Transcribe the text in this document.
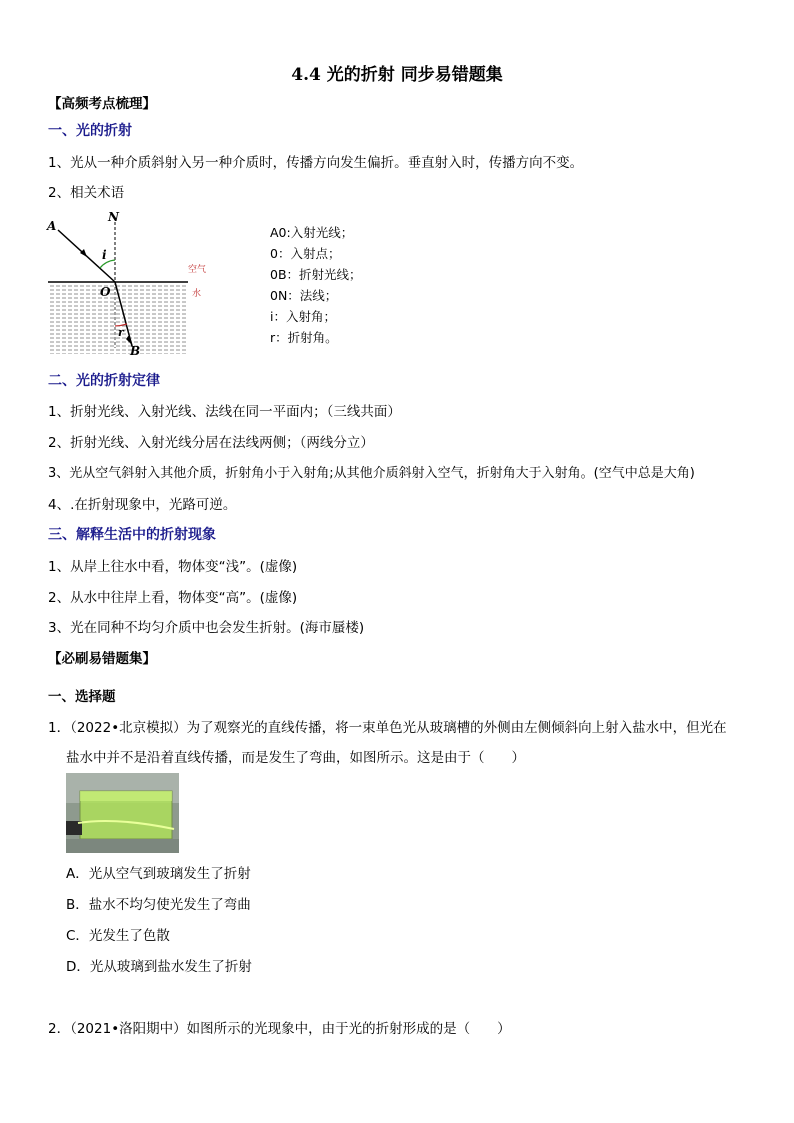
4.4 光的折射 同步易错题集
【高频考点梳理】
一、光的折射
1、光从一种介质斜射入另一种介质时，传播方向发生偏折。垂直射入时，传播方向不变。
2、相关术语
A
N
i
O
r
B
空气
水
A0:入射光线；
0：入射点；
0B：折射光线；
0N：法线；
i：入射角；
r：折射角。
二、光的折射定律
1、折射光线、入射光线、法线在同一平面内；（三线共面）
2、折射光线、入射光线分居在法线两侧；（两线分立）
3、光从空气斜射入其他介质，折射角小于入射角;从其他介质斜射入空气，折射角大于入射角。(空气中总是大角)
4、.在折射现象中，光路可逆。
三、解释生活中的折射现象
1、从岸上往水中看，物体变“浅”。(虚像)
2、从水中往岸上看，物体变“高”。(虚像)
3、光在同种不均匀介质中也会发生折射。(海市蜃楼)
【必刷易错题集】
一、选择题
1．（2022•北京模拟）为了观察光的直线传播，将一束单色光从玻璃槽的外侧由左侧倾斜向上射入盐水中，但光在
盐水中并不是沿着直线传播，而是发生了弯曲，如图所示。这是由于（　　）
A．光从空气到玻璃发生了折射
B．盐水不均匀使光发生了弯曲
C．光发生了色散
D．光从玻璃到盐水发生了折射
2．（2021•洛阳期中）如图所示的光现象中，由于光的折射形成的是（　　）
